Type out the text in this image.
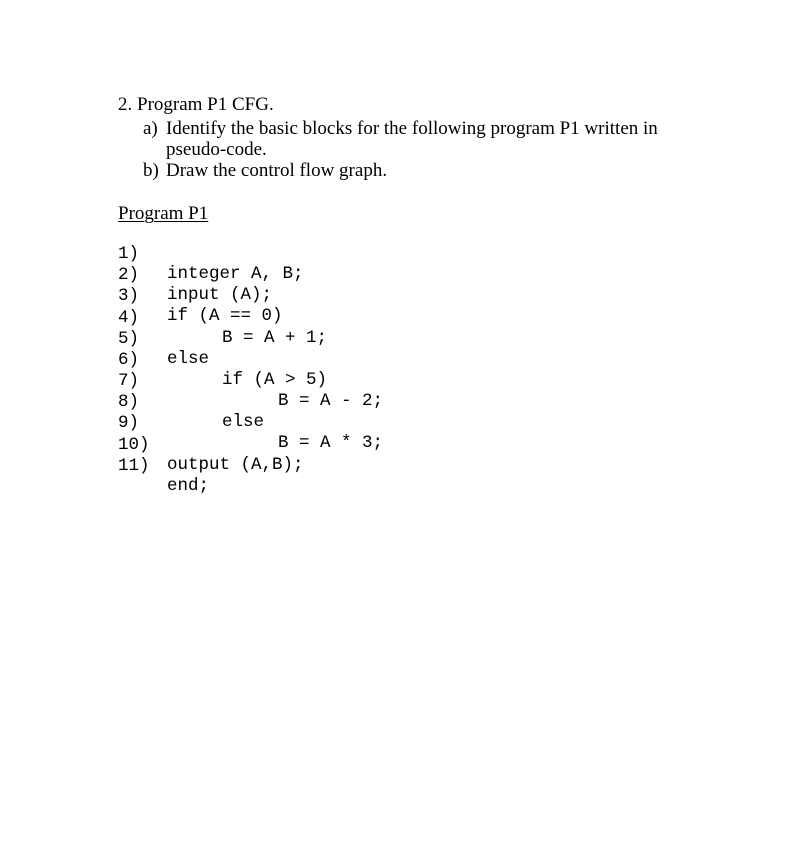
2. Program P1 CFG.
a) Identify the basic blocks for the following program P1 written in
pseudo-code.
b) Draw the control flow graph.
Program P1

1)

integer A, B;

2)

input (A);

3)

if (A == 0)

4)

B = A + 1;

5)

else

6)

if (A > 5)

7)

B = A - 2;

8)

else

9)

B = A * 3;

10)

output (A,B);

11)

end;
